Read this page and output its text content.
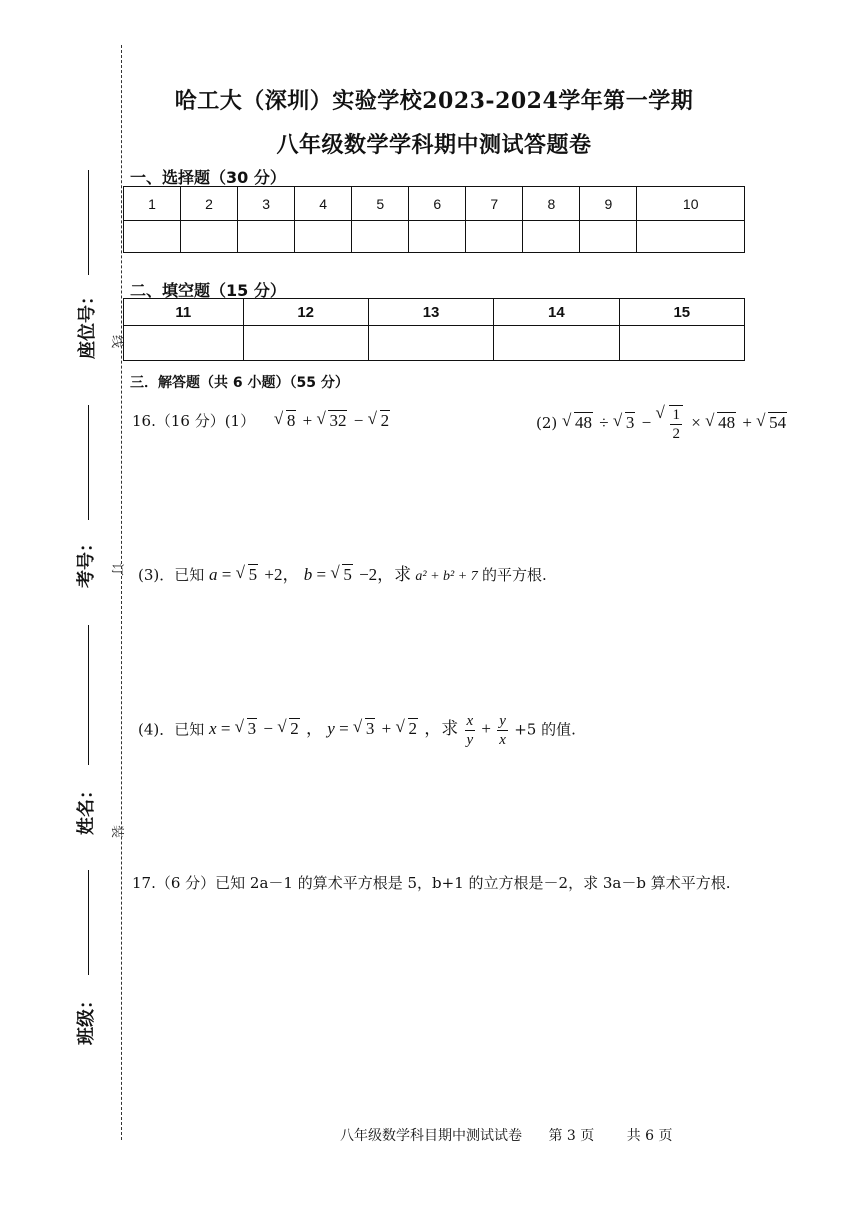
线
订
装
座位号：
考号：
姓名：
班级：
哈工大（深圳）实验学校2023-2024学年第一学期
八年级数学学科期中测试答题卷
一、选择题（30 分）
1	2	3	4	5	6	7	8	9	10

二、填空题（15 分）
11	12	13	14	15

三．解答题（共 6 小题）（55 分）
16.（16 分）(1） √ 8 + √ 32 − √ 2	(2) √ 48 ÷ √ 3 − √ $\frac{1}{2}$ × √ 48 + √ 54
(3)．已知 a = √ 5 +2， b = √ 5 −2，求 a² + b² + 7 的平方根.
(4)．已知 x = √ 3 − √ 2 ， y = √ 3 + √ 2 ，求 $\frac{x}{y} + \frac{y}{x} +5$ 的值.
17.（6 分）已知 2a－1 的算术平方根是 5，b+1 的立方根是－2，求 3a－b 算术平方根.
八年级数学科目期中测试试卷 第 3 页 共 6 页
